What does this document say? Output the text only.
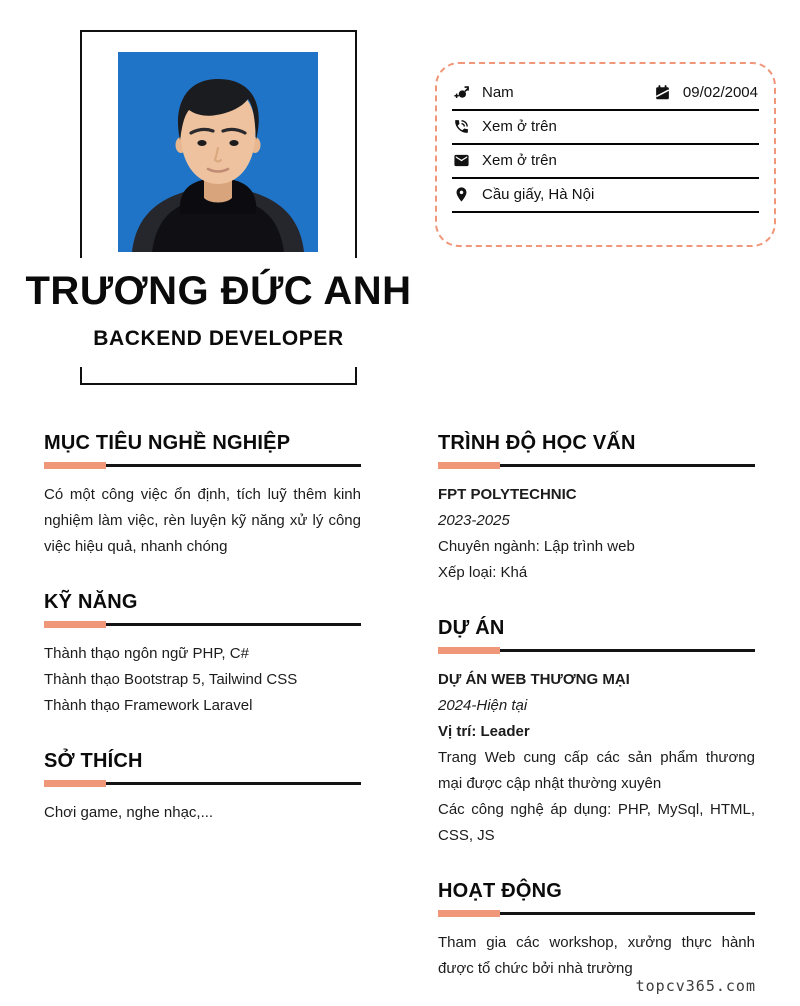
TRƯƠNG ĐỨC ANH
BACKEND DEVELOPER
Nam	09/02/2004
Xem ở trên
Xem ở trên
Cầu giấy, Hà Nội
MỤC TIÊU NGHỀ NGHIỆP

Có một công việc ổn định, tích luỹ thêm kinh nghiệm làm việc, rèn luyện kỹ năng xử lý công việc hiệu quả, nhanh chóng

KỸ NĂNG
Thành thạo ngôn ngữ PHP, C#
Thành thạo Bootstrap 5, Tailwind CSS
Thành thạo Framework Laravel
SỞ THÍCH

Chơi game, nghe nhạc,...

TRÌNH ĐỘ HỌC VẤN
FPT POLYTECHNIC
2023-2025
Chuyên ngành: Lập trình web
Xếp loại: Khá
DỰ ÁN
DỰ ÁN WEB THƯƠNG MẠI
2024-Hiện tại
Vị trí: Leader

Trang Web cung cấp các sản phẩm thương mại được cập nhật thường xuyên

Các công nghệ áp dụng: PHP, MySql, HTML, CSS, JS

HOẠT ĐỘNG

Tham gia các workshop, xưởng thực hành được tổ chức bởi nhà trường

topcv365.com
